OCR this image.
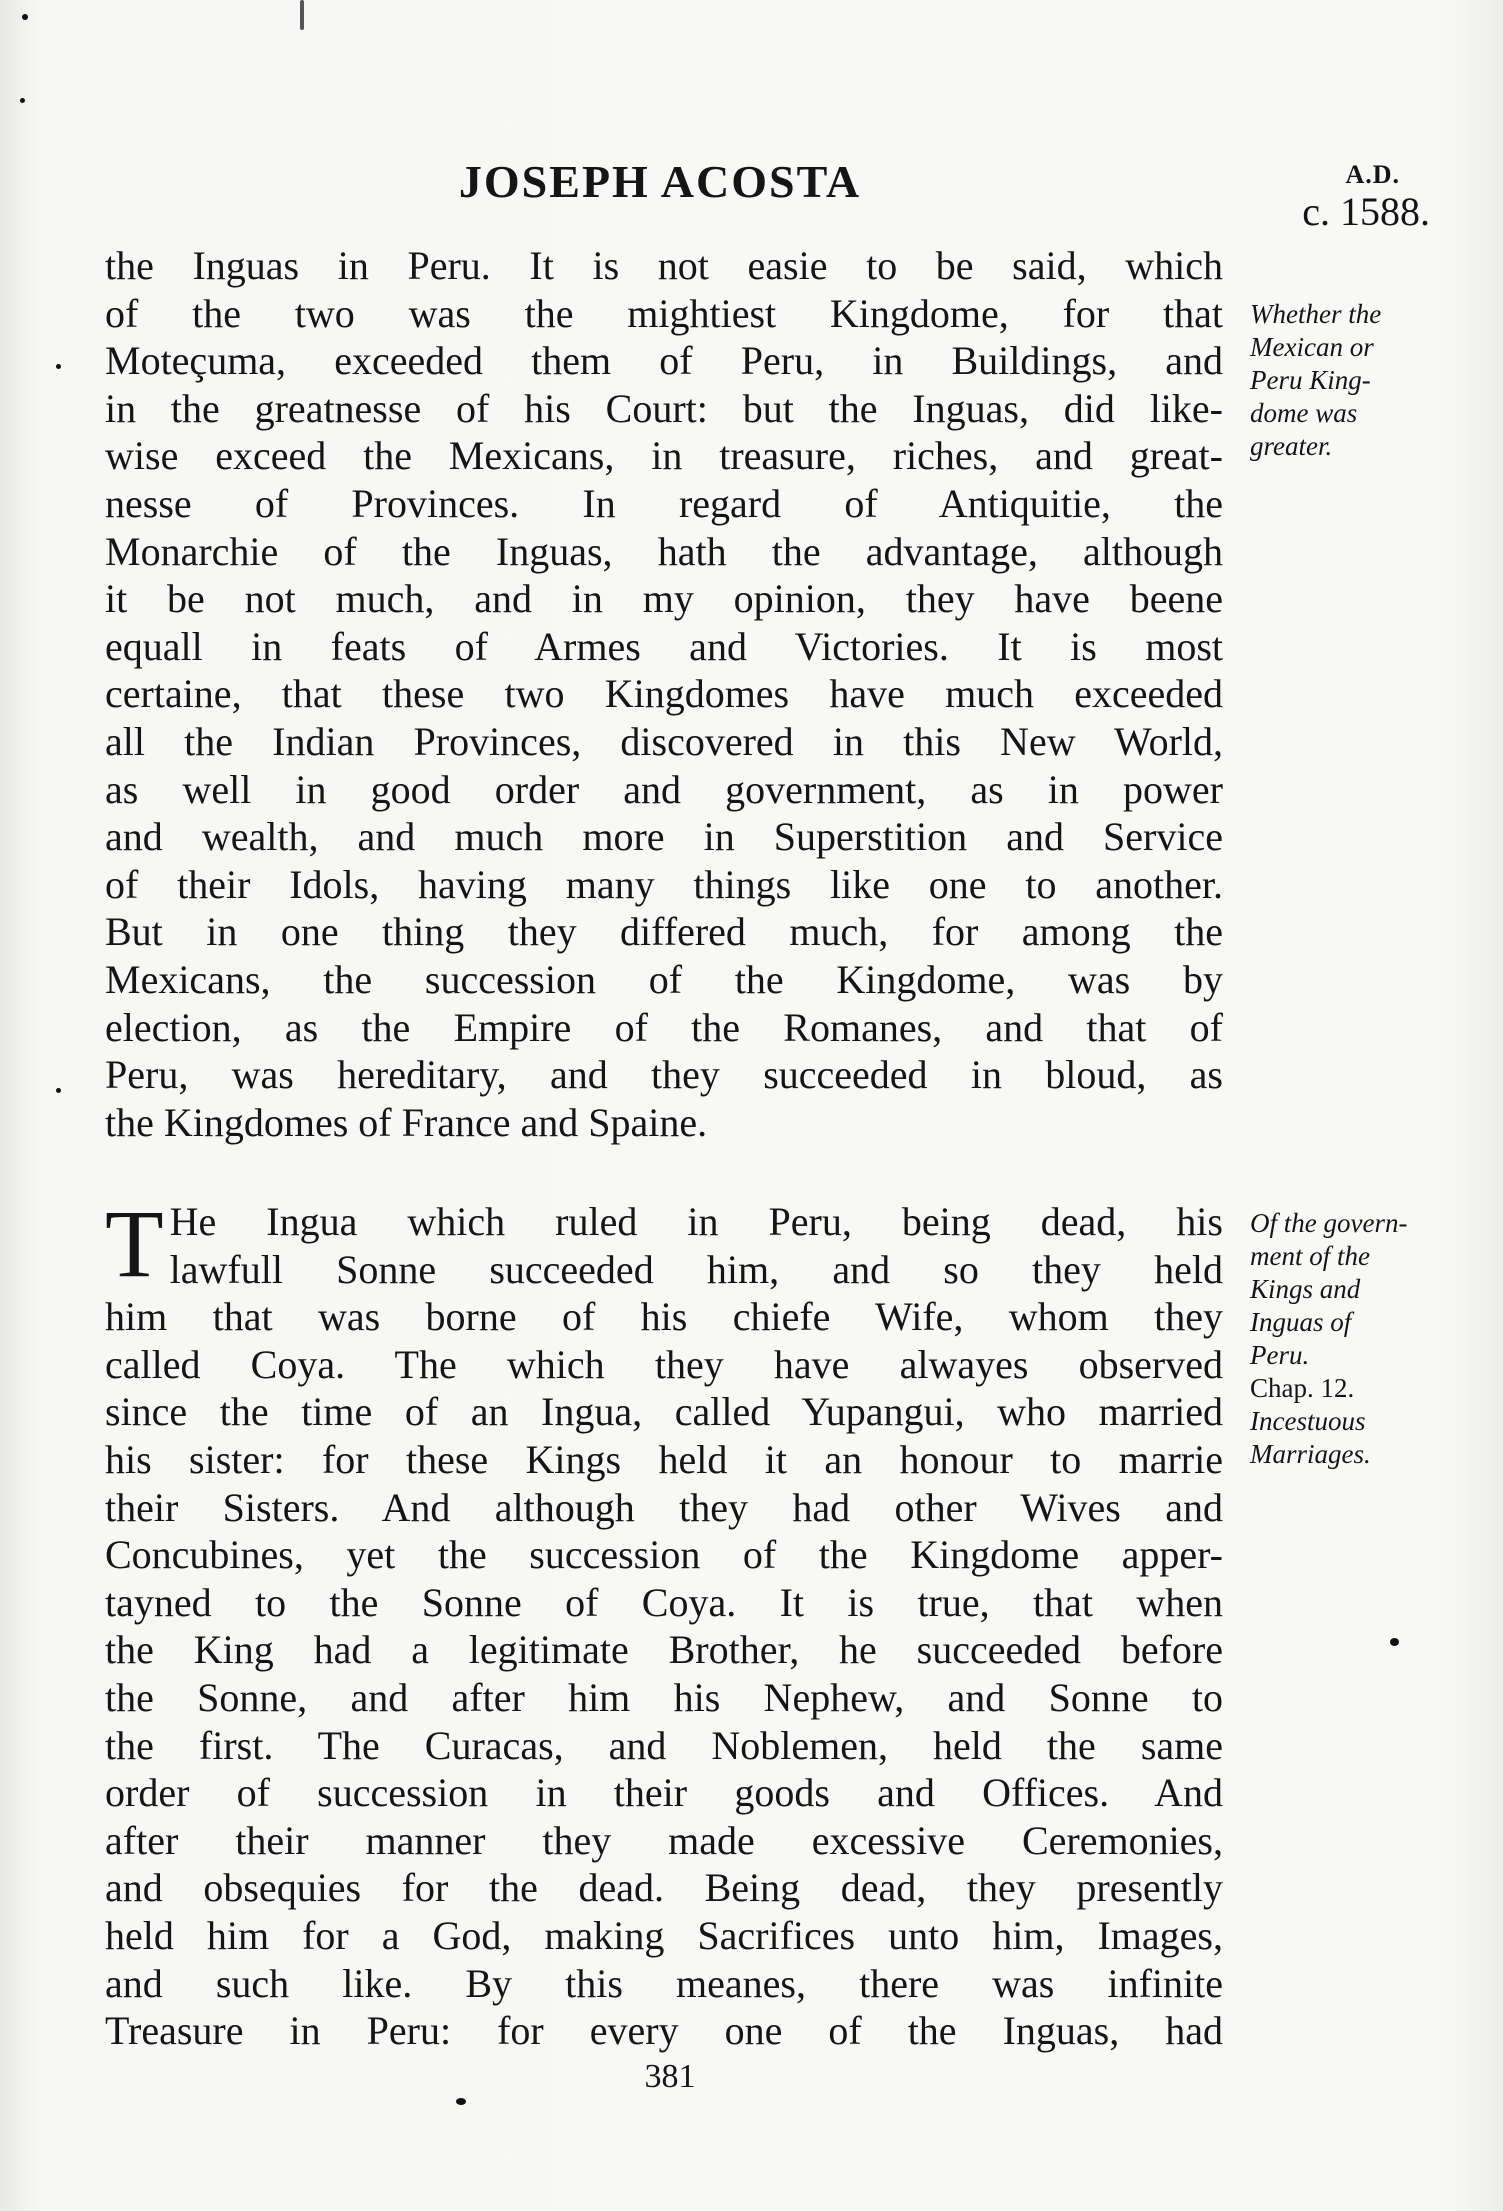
JOSEPH ACOSTA	A.D.
c. 1588.
the Inguas in Peru. It is not easie to be said, which
of the two was the mightiest Kingdome, for that
Moteçuma, exceeded them of Peru, in Buildings, and
in the greatnesse of his Court: but the Inguas, did like-
wise exceed the Mexicans, in treasure, riches, and great-
nesse of Provinces. In regard of Antiquitie, the
Monarchie of the Inguas, hath the advantage, although
it be not much, and in my opinion, they have beene
equall in feats of Armes and Victories. It is most
certaine, that these two Kingdomes have much exceeded
all the Indian Provinces, discovered in this New World,
as well in good order and government, as in power
and wealth, and much more in Superstition and Service
of their Idols, having many things like one to another.
But in one thing they differed much, for among the
Mexicans, the succession of the Kingdome, was by
election, as the Empire of the Romanes, and that of
Peru, was hereditary, and they succeeded in bloud, as
the Kingdomes of France and Spaine.
T He Ingua which ruled in Peru, being dead, his
lawfull Sonne succeeded him, and so they held
him that was borne of his chiefe Wife, whom they
called Coya. The which they have alwayes observed
since the time of an Ingua, called Yupangui, who married
his sister: for these Kings held it an honour to marrie
their Sisters. And although they had other Wives and
Concubines, yet the succession of the Kingdome apper-
tayned to the Sonne of Coya. It is true, that when
the King had a legitimate Brother, he succeeded before
the Sonne, and after him his Nephew, and Sonne to
the first. The Curacas, and Noblemen, held the same
order of succession in their goods and Offices. And
after their manner they made excessive Ceremonies,
and obsequies for the dead. Being dead, they presently
held him for a God, making Sacrifices unto him, Images,
and such like. By this meanes, there was infinite
Treasure in Peru: for every one of the Inguas, had
Whether the
Mexican or
Peru King-
dome was
greater.
Of the govern-
ment of the
Kings and
Inguas of
Peru.
Chap. 12.
Incestuous
Marriages.
381
